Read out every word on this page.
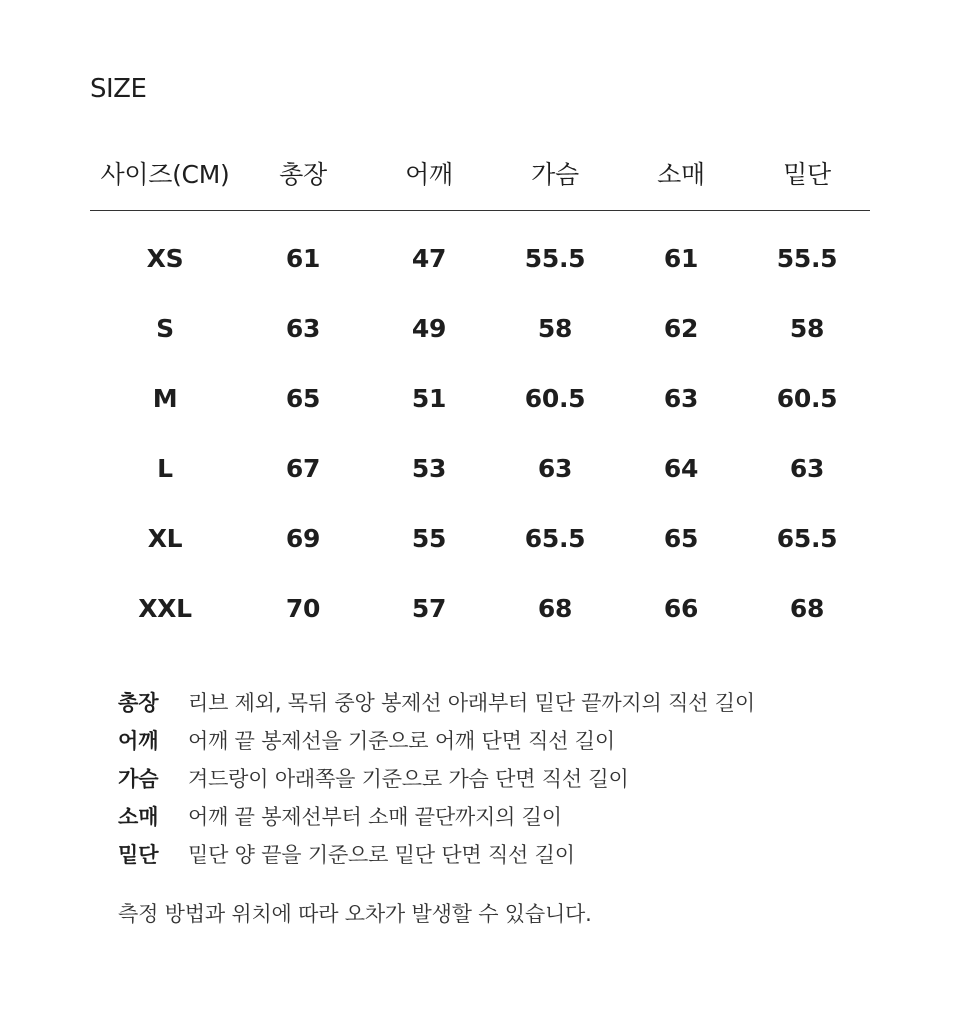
SIZE
사이즈(CM)	총장	어깨	가슴	소매	밑단
XS	61	47	55.5	61	55.5
S	63	49	58	62	58
M	65	51	60.5	63	60.5
L	67	53	63	64	63
XL	69	55	65.5	65	65.5
XXL	70	57	68	66	68
총장	리브 제외, 목뒤 중앙 봉제선 아래부터 밑단 끝까지의 직선 길이
어깨	어깨 끝 봉제선을 기준으로 어깨 단면 직선 길이
가슴	겨드랑이 아래쪽을 기준으로 가슴 단면 직선 길이
소매	어깨 끝 봉제선부터 소매 끝단까지의 길이
밑단	밑단 양 끝을 기준으로 밑단 단면 직선 길이
측정 방법과 위치에 따라 오차가 발생할 수 있습니다.
